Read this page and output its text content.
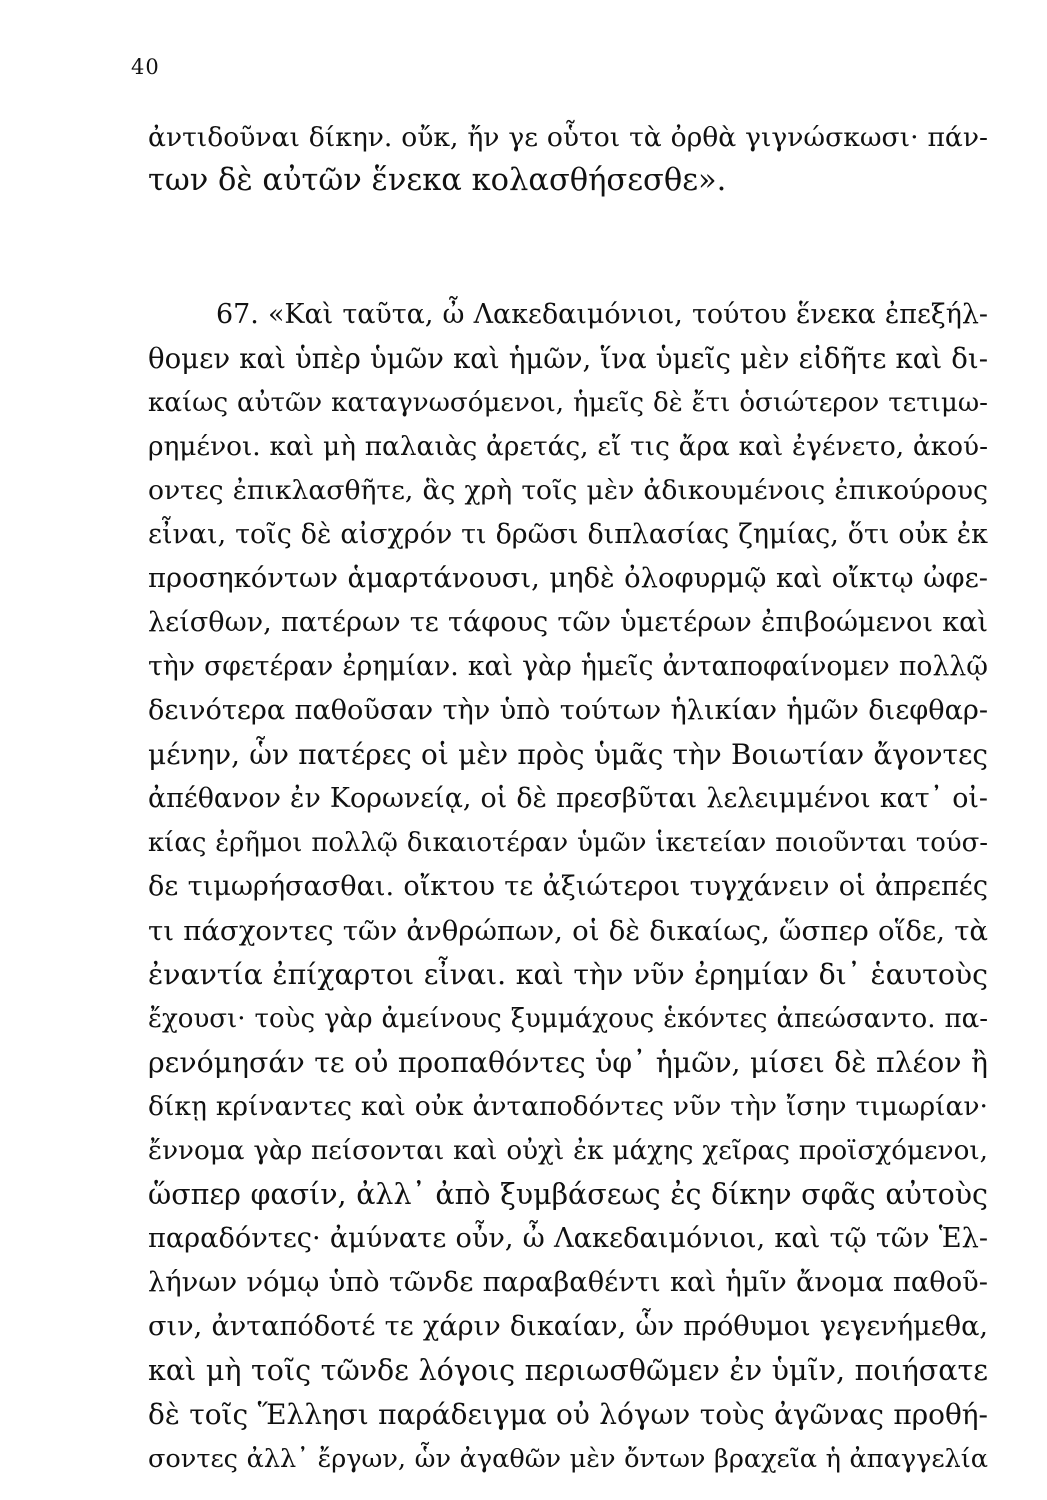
40
ἀντιδοῦναι δίκην. οὔκ, ἤν γε οὗτοι τὰ ὀρθὰ γιγνώσκωσι· πάν-
των δὲ αὐτῶν ἕνεκα κολασθήσεσθε».
67. «Καὶ ταῦτα, ὦ Λακεδαιμόνιοι, τούτου ἕνεκα ἐπεξήλ-
θομεν καὶ ὑπὲρ ὑμῶν καὶ ἡμῶν, ἵνα ὑμεῖς μὲν εἰδῆτε καὶ δι-
καίως αὐτῶν καταγνωσόμενοι, ἡμεῖς δὲ ἔτι ὁσιώτερον τετιμω-
ρημένοι. καὶ μὴ παλαιὰς ἀρετάς, εἴ τις ἄρα καὶ ἐγένετο, ἀκού-
οντες ἐπικλασθῆτε, ἃς χρὴ τοῖς μὲν ἀδικουμένοις ἐπικούρους
εἶναι, τοῖς δὲ αἰσχρόν τι δρῶσι διπλασίας ζημίας, ὅτι οὐκ ἐκ
προσηκόντων ἁμαρτάνουσι, μηδὲ ὀλοφυρμῷ καὶ οἴκτῳ ὠφε-
λείσθων, πατέρων τε τάφους τῶν ὑμετέρων ἐπιβοώμενοι καὶ
τὴν σφετέραν ἐρημίαν. καὶ γὰρ ἡμεῖς ἀνταποφαίνομεν πολλῷ
δεινότερα παθοῦσαν τὴν ὑπὸ τούτων ἡλικίαν ἡμῶν διεφθαρ-
μένην, ὧν πατέρες οἱ μὲν πρὸς ὑμᾶς τὴν Βοιωτίαν ἄγοντες
ἀπέθανον ἐν Κορωνείᾳ, οἱ δὲ πρεσβῦται λελειμμένοι κατ᾽ οἰ-
κίας ἐρῆμοι πολλῷ δικαιοτέραν ὑμῶν ἱκετείαν ποιοῦνται τούσ-
δε τιμωρήσασθαι. οἴκτου τε ἀξιώτεροι τυγχάνειν οἱ ἀπρεπές
τι πάσχοντες τῶν ἀνθρώπων, οἱ δὲ δικαίως, ὥσπερ οἵδε, τὰ
ἐναντία ἐπίχαρτοι εἶναι. καὶ τὴν νῦν ἐρημίαν δι᾽ ἑαυτοὺς
ἔχουσι· τοὺς γὰρ ἀμείνους ξυμμάχους ἑκόντες ἀπεώσαντο. πα-
ρενόμησάν τε οὐ προπαθόντες ὑφ᾽ ἡμῶν, μίσει δὲ πλέον ἢ
δίκῃ κρίναντες καὶ οὐκ ἀνταποδόντες νῦν τὴν ἴσην τιμωρίαν·
ἔννομα γὰρ πείσονται καὶ οὐχὶ ἐκ μάχης χεῖρας προϊσχόμενοι,
ὥσπερ φασίν, ἀλλ᾽ ἀπὸ ξυμβάσεως ἐς δίκην σφᾶς αὐτοὺς
παραδόντες· ἀμύνατε οὖν, ὦ Λακεδαιμόνιοι, καὶ τῷ τῶν Ἑλ-
λήνων νόμῳ ὑπὸ τῶνδε παραβαθέντι καὶ ἡμῖν ἄνομα παθοῦ-
σιν, ἀνταπόδοτέ τε χάριν δικαίαν, ὧν πρόθυμοι γεγενήμεθα,
καὶ μὴ τοῖς τῶνδε λόγοις περιωσθῶμεν ἐν ὑμῖν, ποιήσατε
δὲ τοῖς Ἕλλησι παράδειγμα οὐ λόγων τοὺς ἀγῶνας προθή-
σοντες ἀλλ᾽ ἔργων, ὧν ἀγαθῶν μὲν ὄντων βραχεῖα ἡ ἀπαγγελία
